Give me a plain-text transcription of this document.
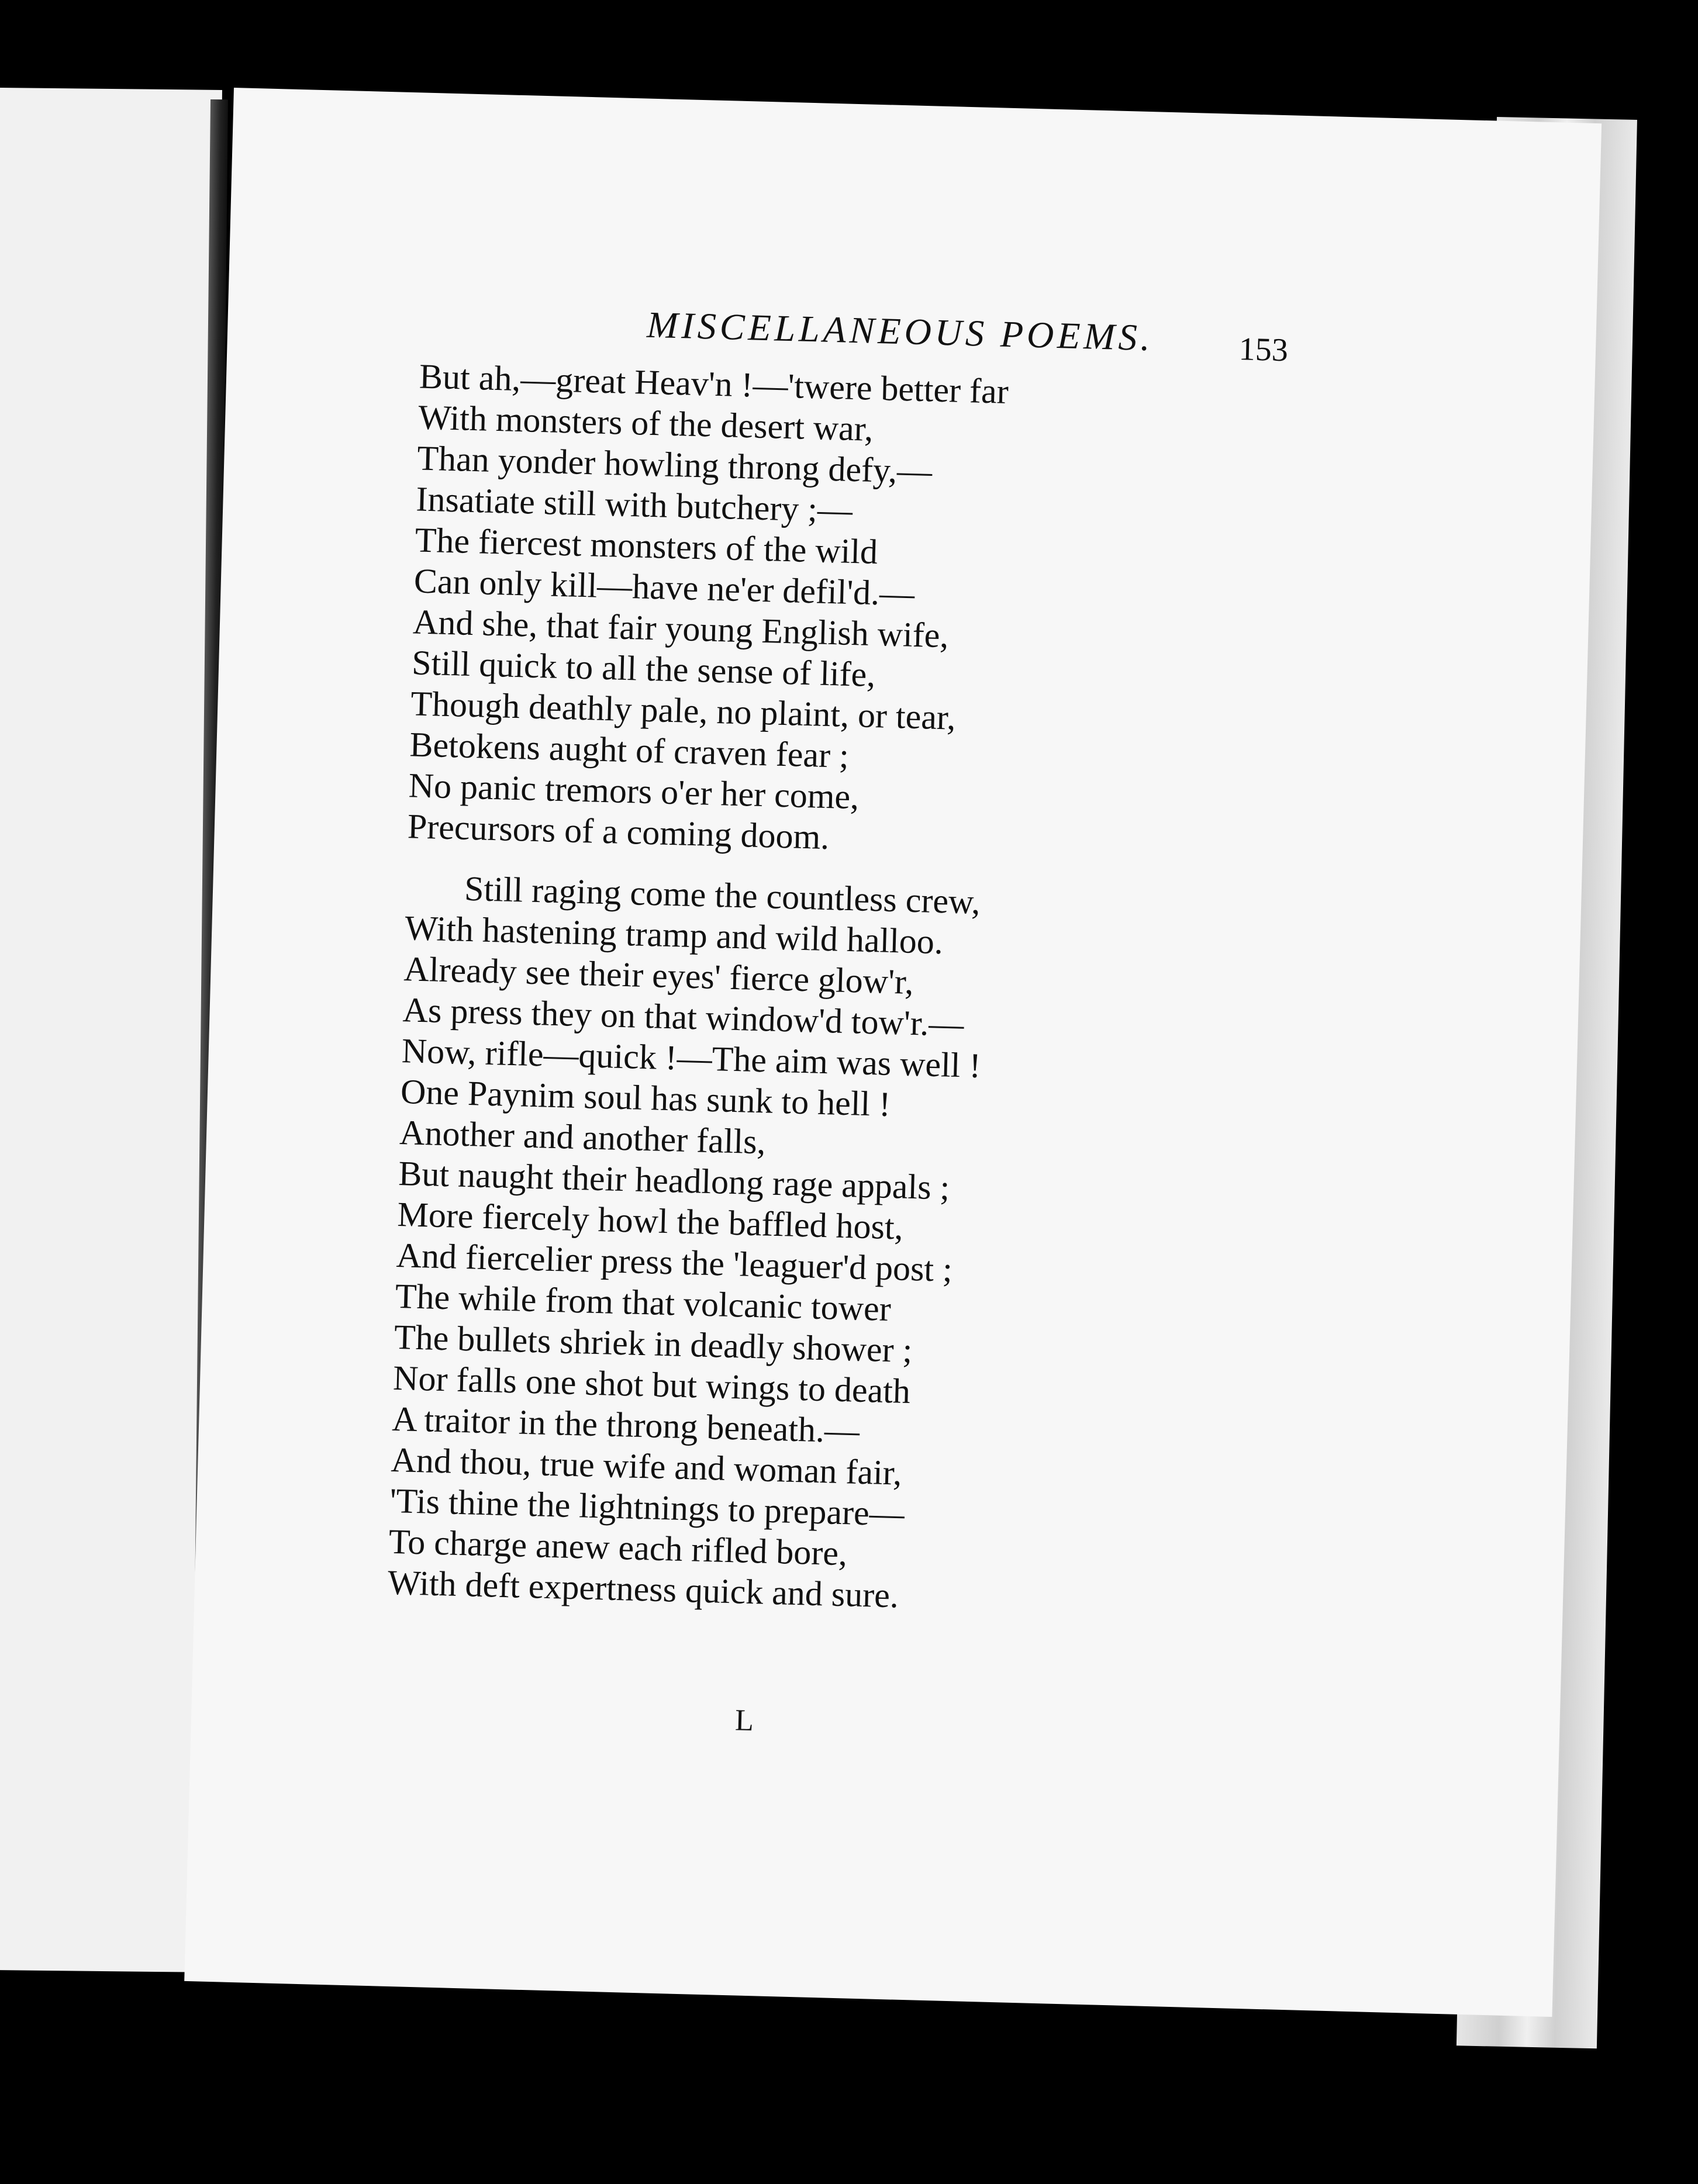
MISCELLANEOUS POEMS.	153
But ah,—great Heav'n !—'twere better far
With monsters of the desert war,
Than yonder howling throng defy,—
Insatiate still with butchery ;—
The fiercest monsters of the wild
Can only kill—have ne'er defil'd.—
And she, that fair young English wife,
Still quick to all the sense of life,
Though deathly pale, no plaint, or tear,
Betokens aught of craven fear ;
No panic tremors o'er her come,
Precursors of a coming doom.
Still raging come the countless crew,
With hastening tramp and wild halloo.
Already see their eyes' fierce glow'r,
As press they on that window'd tow'r.—
Now, rifle—quick !—The aim was well !
One Paynim soul has sunk to hell !
Another and another falls,
But naught their headlong rage appals ;
More fiercely howl the baffled host,
And fiercelier press the 'leaguer'd post ;
The while from that volcanic tower
The bullets shriek in deadly shower ;
Nor falls one shot but wings to death
A traitor in the throng beneath.—
And thou, true wife and woman fair,
'Tis thine the lightnings to prepare—
To charge anew each rifled bore,
With deft expertness quick and sure.
L
